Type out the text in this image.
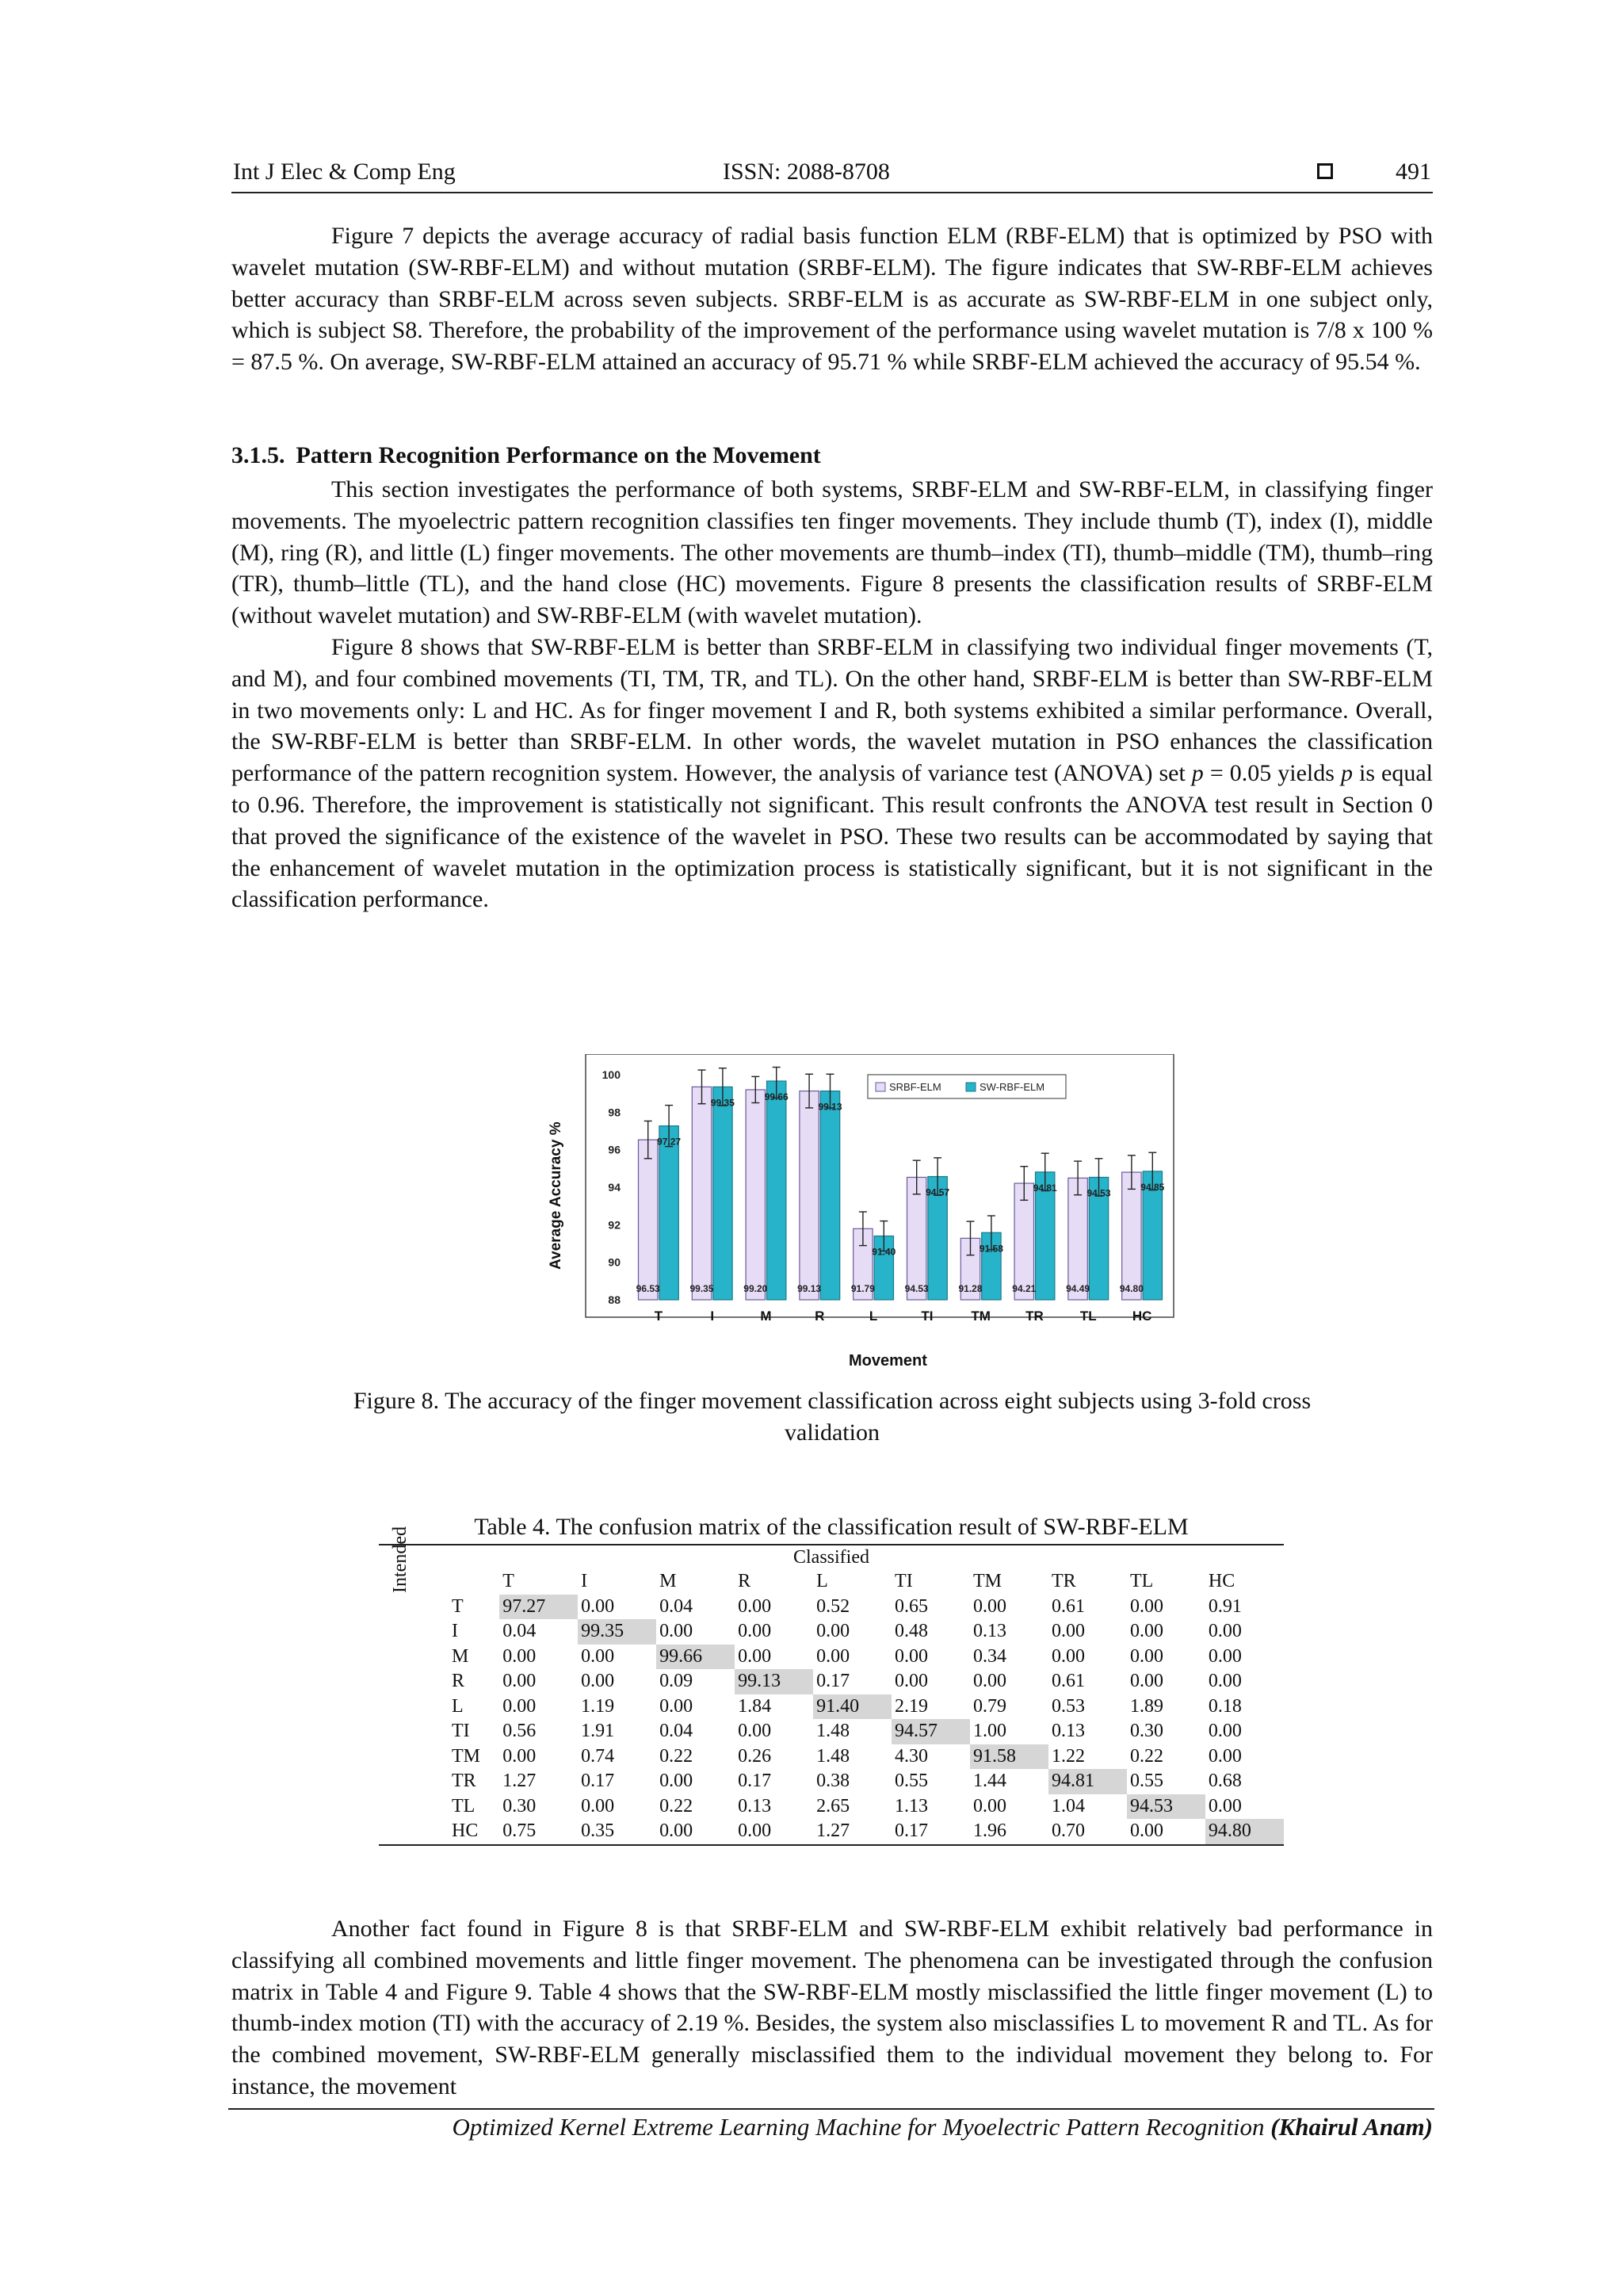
Int J Elec & Comp Eng	ISSN: 2088-8708	491

Figure 7 depicts the average accuracy of radial basis function ELM (RBF-ELM) that is optimized by PSO with wavelet mutation (SW-RBF-ELM) and without mutation (SRBF-ELM). The figure indicates that SW-RBF-ELM achieves better accuracy than SRBF-ELM across seven subjects. SRBF-ELM is as accurate as SW-RBF-ELM in one subject only, which is subject S8. Therefore, the probability of the improvement of the performance using wavelet mutation is 7/8 x 100 % = 87.5 %. On average, SW-RBF-ELM attained an accuracy of 95.71 % while SRBF-ELM achieved the accuracy of 95.54 %.

3.1.5. Pattern Recognition Performance on the Movement

This section investigates the performance of both systems, SRBF-ELM and SW-RBF-ELM, in classifying finger movements. The myoelectric pattern recognition classifies ten finger movements. They include thumb (T), index (I), middle (M), ring (R), and little (L) finger movements. The other movements are thumb–index (TI), thumb–middle (TM), thumb–ring (TR), thumb–little (TL), and the hand close (HC) movements. Figure 8 presents the classification results of SRBF-ELM (without wavelet mutation) and SW-RBF-ELM (with wavelet mutation).

Figure 8 shows that SW-RBF-ELM is better than SRBF-ELM in classifying two individual finger movements (T, and M), and four combined movements (TI, TM, TR, and TL). On the other hand, SRBF-ELM is better than SW-RBF-ELM in two movements only: L and HC. As for finger movement I and R, both systems exhibited a similar performance. Overall, the SW-RBF-ELM is better than SRBF-ELM. In other words, the wavelet mutation in PSO enhances the classification performance of the pattern recognition system. However, the analysis of variance test (ANOVA) set p = 0.05 yields p is equal to 0.96. Therefore, the improvement is statistically not significant. This result confronts the ANOVA test result in Section 0 that proved the significance of the existence of the wavelet in PSO. These two results can be accommodated by saying that the enhancement of wavelet mutation in the optimization process is statistically significant, but it is not significant in the classification performance.

88
90
92
94
96
98
100
96.53
97.27
99.35
99.35
99.20
99.66
99.13
99.13
91.79
91.40
94.53
94.57
91.28
91.58
94.21
94.81
94.49
94.53
94.80
94.85
T	I	M	R	L	TI	TM	TR	TL	HC
SRBF-ELM	SW-RBF-ELM
Average Accuracy %
Movement
Figure 8. The accuracy of the finger movement classification across eight subjects using 3-fold cross
validation
Table 4. The confusion matrix of the classification result of SW-RBF-ELM
Classified
Intended
		T	I	M	R	L	TI	TM	TR	TL	HC
T	97.27	0.00	0.04	0.00	0.52	0.65	0.00	0.61	0.00	0.91
I	0.04	99.35	0.00	0.00	0.00	0.48	0.13	0.00	0.00	0.00
M	0.00	0.00	99.66	0.00	0.00	0.00	0.34	0.00	0.00	0.00
R	0.00	0.00	0.09	99.13	0.17	0.00	0.00	0.61	0.00	0.00
L	0.00	1.19	0.00	1.84	91.40	2.19	0.79	0.53	1.89	0.18
TI	0.56	1.91	0.04	0.00	1.48	94.57	1.00	0.13	0.30	0.00
TM	0.00	0.74	0.22	0.26	1.48	4.30	91.58	1.22	0.22	0.00
TR	1.27	0.17	0.00	0.17	0.38	0.55	1.44	94.81	0.55	0.68
TL	0.30	0.00	0.22	0.13	2.65	1.13	0.00	1.04	94.53	0.00
HC	0.75	0.35	0.00	0.00	1.27	0.17	1.96	0.70	0.00	94.80

Another fact found in Figure 8 is that SRBF-ELM and SW-RBF-ELM exhibit relatively bad performance in classifying all combined movements and little finger movement. The phenomena can be investigated through the confusion matrix in Table 4 and Figure 9. Table 4 shows that the SW-RBF-ELM mostly misclassified the little finger movement (L) to thumb-index motion (TI) with the accuracy of 2.19 %. Besides, the system also misclassifies L to movement R and TL. As for the combined movement, SW-RBF-ELM generally misclassified them to the individual movement they belong to. For instance, the movement

Optimized Kernel Extreme Learning Machine for Myoelectric Pattern Recognition (Khairul Anam)
